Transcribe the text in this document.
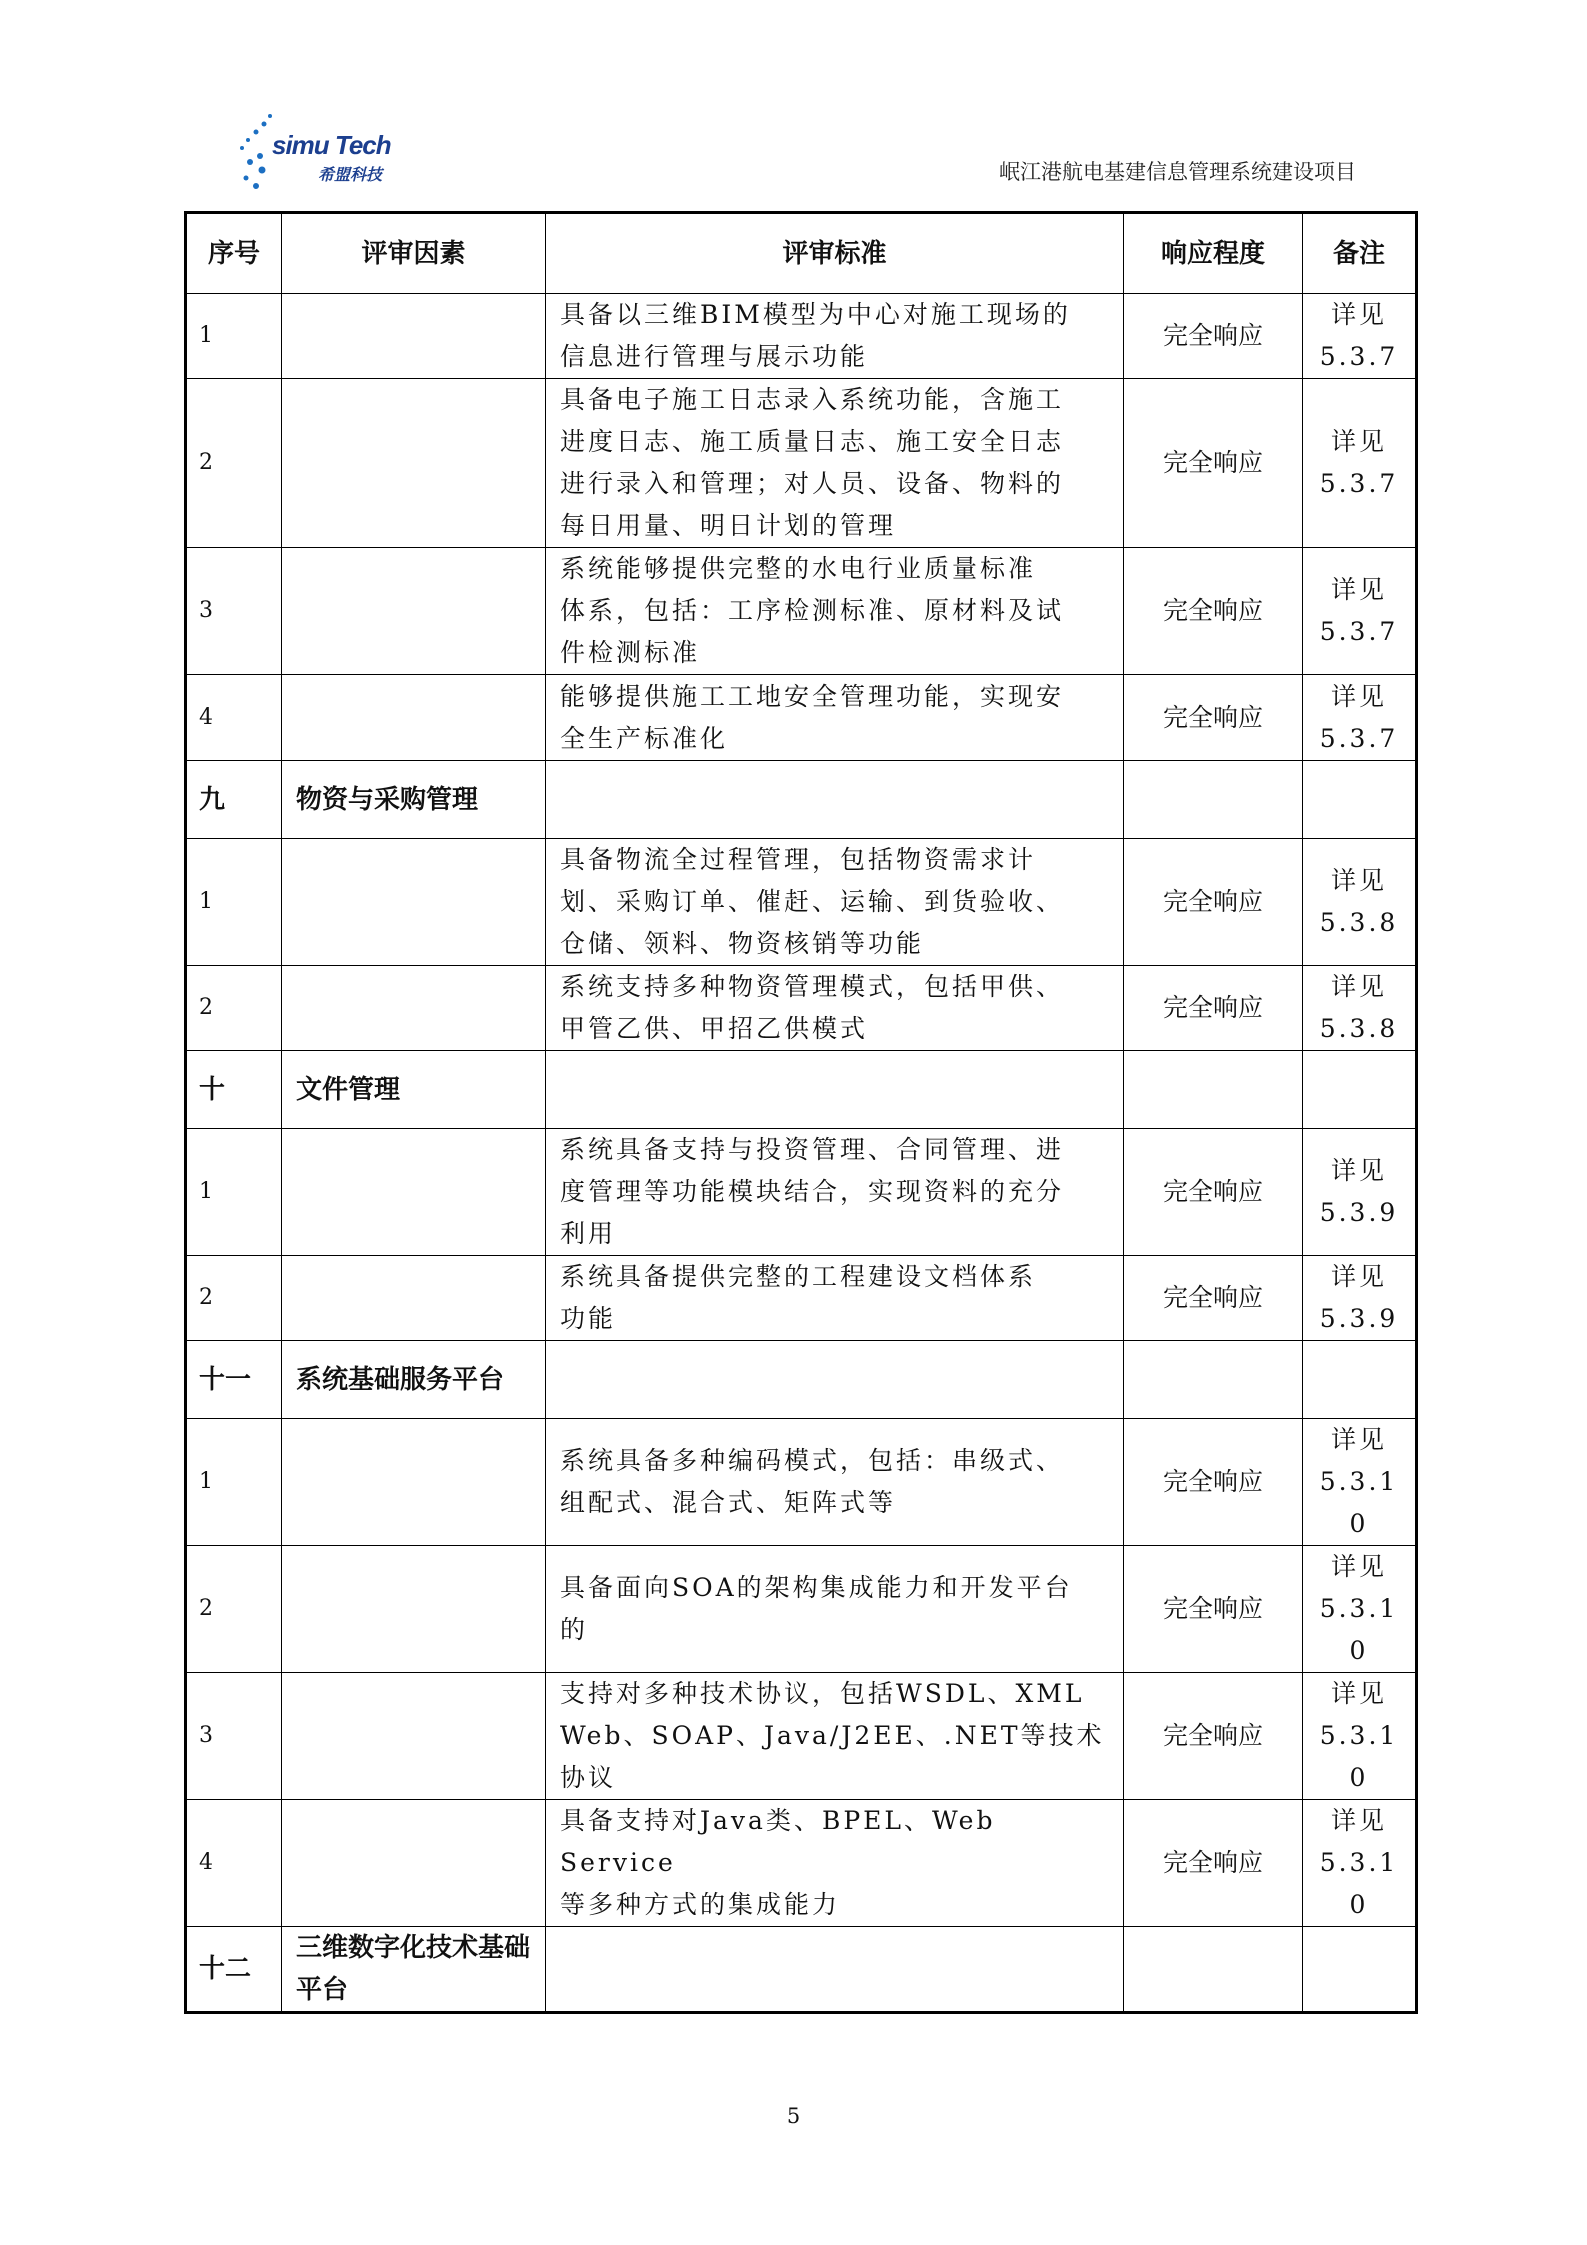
simu Tech
希盟科技	岷江港航电基建信息管理系统建设项目
序号	评审因素	评审标准	响应程度	备注
1		具备以三维BIM模型为中心对施工现场的
信息进行管理与展示功能	完全响应	详见
5.3.7
2		具备电子施工日志录入系统功能，含施工
进度日志、施工质量日志、施工安全日志
进行录入和管理；对人员、设备、物料的
每日用量、明日计划的管理	完全响应	详见
5.3.7
3		系统能够提供完整的水电行业质量标准
体系，包括：工序检测标准、原材料及试
件检测标准	完全响应	详见
5.3.7
4		能够提供施工工地安全管理功能，实现安
全生产标准化	完全响应	详见
5.3.7
九	物资与采购管理			
1		具备物流全过程管理，包括物资需求计
划、采购订单、催赶、运输、到货验收、
仓储、领料、物资核销等功能	完全响应	详见
5.3.8
2		系统支持多种物资管理模式，包括甲供、
甲管乙供、甲招乙供模式	完全响应	详见
5.3.8
十	文件管理			
1		系统具备支持与投资管理、合同管理、进
度管理等功能模块结合，实现资料的充分
利用	完全响应	详见
5.3.9
2		系统具备提供完整的工程建设文档体系
功能	完全响应	详见
5.3.9
十一	系统基础服务平台			
1		系统具备多种编码模式，包括：串级式、
组配式、混合式、矩阵式等	完全响应	详见
5.3.1
0
2		具备面向SOA的架构集成能力和开发平台
的	完全响应	详见
5.3.1
0
3		支持对多种技术协议，包括WSDL、XML
Web、SOAP、Java/J2EE、.NET等技术协议	完全响应	详见
5.3.1
0
4		具备支持对Java类、BPEL、Web Service
等多种方式的集成能力	完全响应	详见
5.3.1
0
十二	三维数字化技术基础平台			
5
